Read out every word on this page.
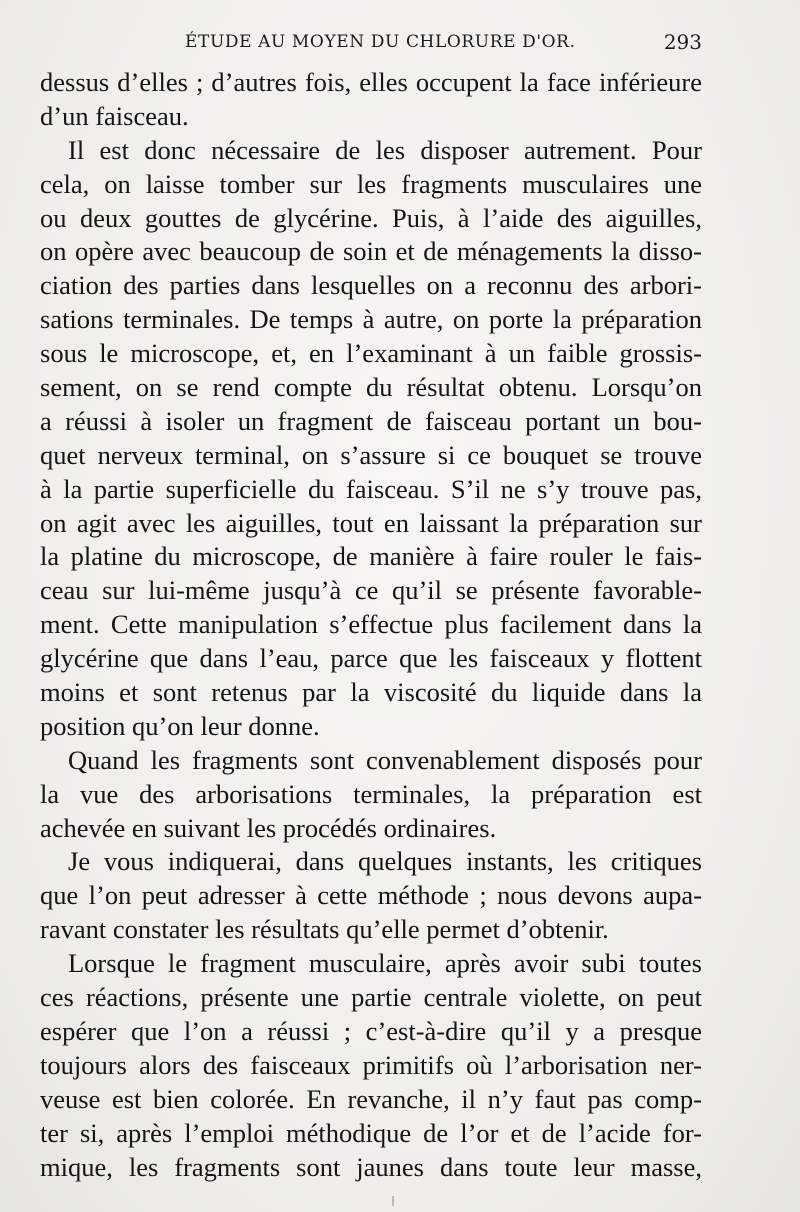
ÉTUDE AU MOYEN DU CHLORURE D'OR.	293
dessus d’elles ; d’autres fois, elles occupent la face inférieure
d’un faisceau.
Il est donc nécessaire de les disposer autrement. Pour
cela, on laisse tomber sur les fragments musculaires une
ou deux gouttes de glycérine. Puis, à l’aide des aiguilles,
on opère avec beaucoup de soin et de ménagements la disso-
ciation des parties dans lesquelles on a reconnu des arbori-
sations terminales. De temps à autre, on porte la préparation
sous le microscope, et, en l’examinant à un faible grossis-
sement, on se rend compte du résultat obtenu. Lorsqu’on
a réussi à isoler un fragment de faisceau portant un bou-
quet nerveux terminal, on s’assure si ce bouquet se trouve
à la partie superficielle du faisceau. S’il ne s’y trouve pas,
on agit avec les aiguilles, tout en laissant la préparation sur
la platine du microscope, de manière à faire rouler le fais-
ceau sur lui-même jusqu’à ce qu’il se présente favorable-
ment. Cette manipulation s’effectue plus facilement dans la
glycérine que dans l’eau, parce que les faisceaux y flottent
moins et sont retenus par la viscosité du liquide dans la
position qu’on leur donne.
Quand les fragments sont convenablement disposés pour
la vue des arborisations terminales, la préparation est
achevée en suivant les procédés ordinaires.
Je vous indiquerai, dans quelques instants, les critiques
que l’on peut adresser à cette méthode ; nous devons aupa-
ravant constater les résultats qu’elle permet d’obtenir.
Lorsque le fragment musculaire, après avoir subi toutes
ces réactions, présente une partie centrale violette, on peut
espérer que l’on a réussi ; c’est-à-dire qu’il y a presque
toujours alors des faisceaux primitifs où l’arborisation ner-
veuse est bien colorée. En revanche, il n’y faut pas comp-
ter si, après l’emploi méthodique de l’or et de l’acide for-
mique, les fragments sont jaunes dans toute leur masse,
